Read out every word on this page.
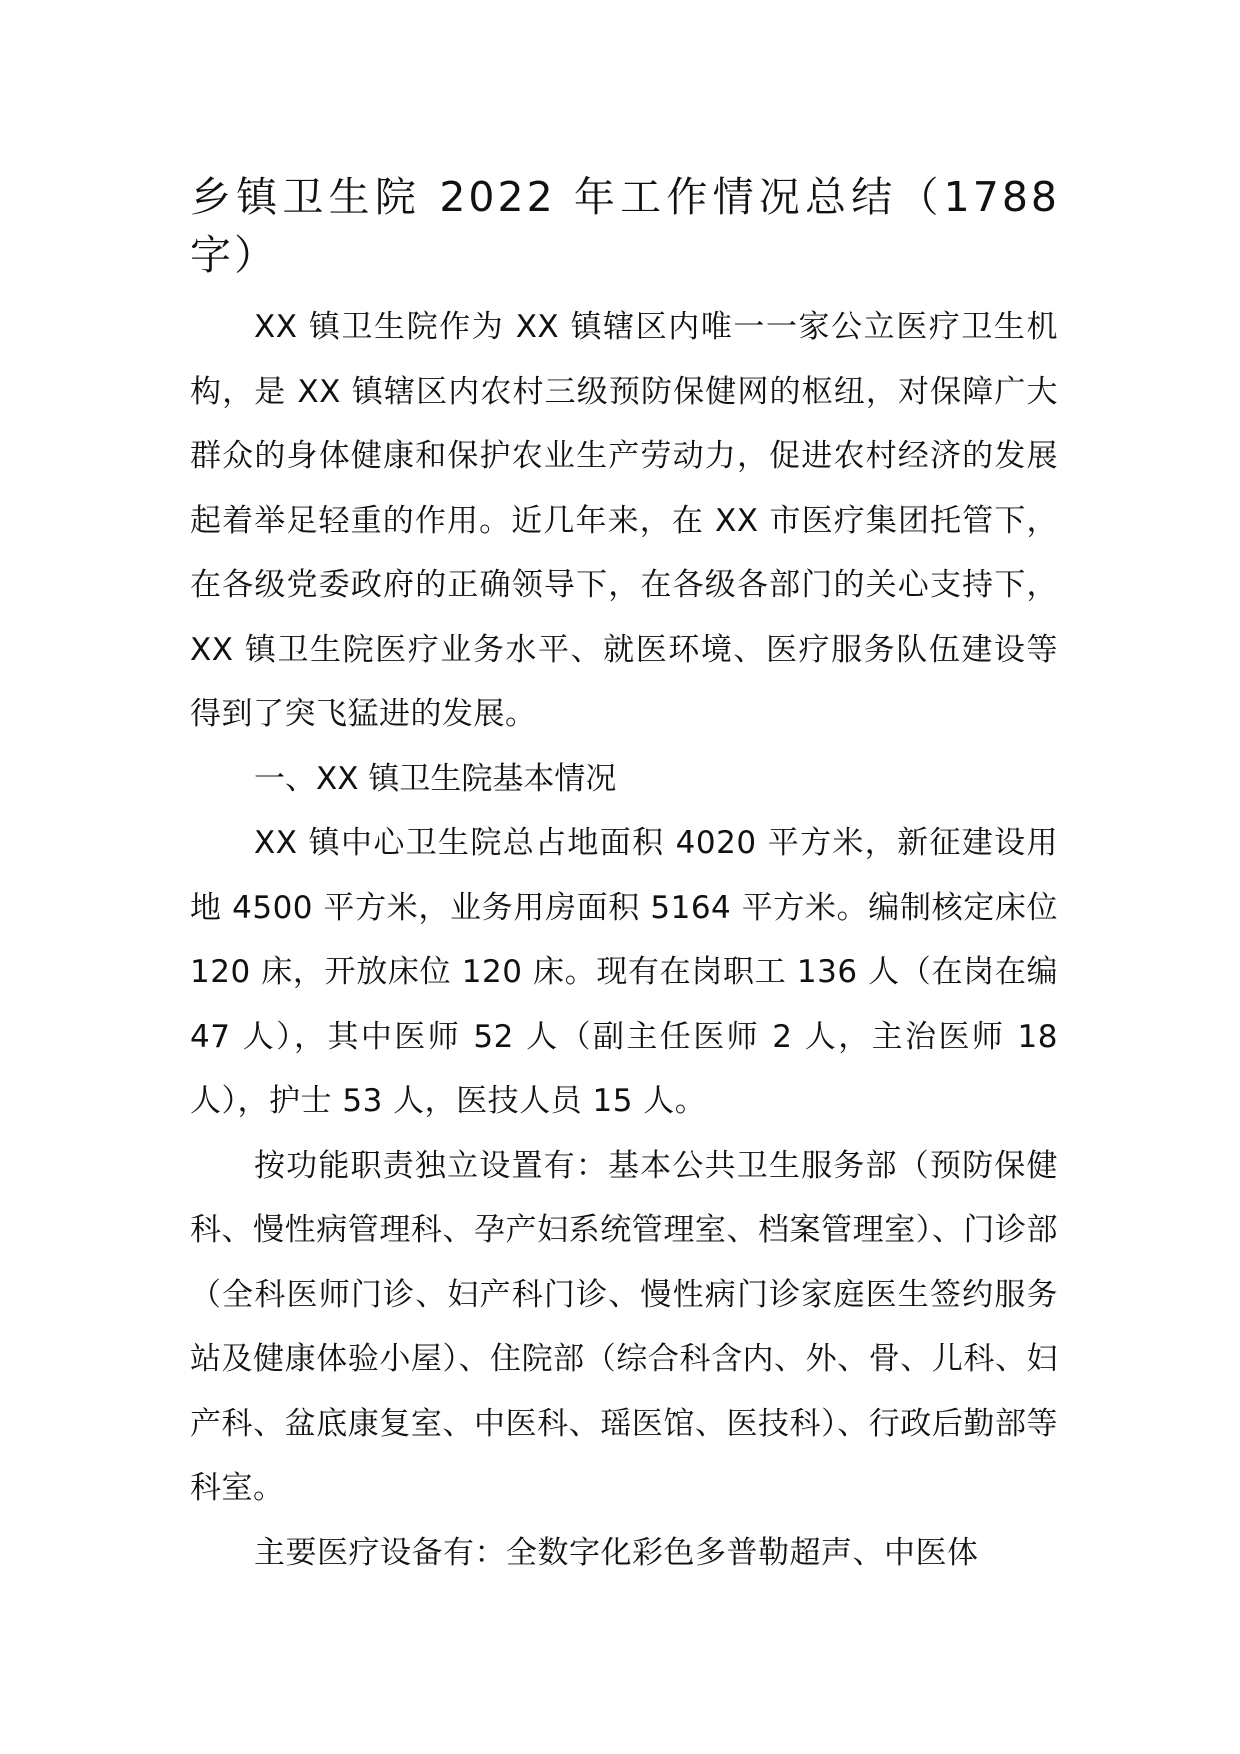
乡镇卫生院 2022 年工作情况总结（1788 字）

XX 镇卫生院作为 XX 镇辖区内唯一一家公立医疗卫生机构，是 XX 镇辖区内农村三级预防保健网的枢纽，对保障广大群众的身体健康和保护农业生产劳动力，促进农村经济的发展起着举足轻重的作用。近几年来，在 XX 市医疗集团托管下，在各级党委政府的正确领导下，在各级各部门的关心支持下，XX 镇卫生院医疗业务水平、就医环境、医疗服务队伍建设等得到了突飞猛进的发展。

一、XX 镇卫生院基本情况

XX 镇中心卫生院总占地面积 4020 平方米，新征建设用地 4500 平方米，业务用房面积 5164 平方米。编制核定床位 120 床，开放床位 120 床。现有在岗职工 136 人（在岗在编 47 人），其中医师 52 人（副主任医师 2 人，主治医师 18 人），护士 53 人，医技人员 15 人。

按功能职责独立设置有：基本公共卫生服务部（预防保健科、慢性病管理科、孕产妇系统管理室、档案管理室）、门诊部（全科医师门诊、妇产科门诊、慢性病门诊家庭医生签约服务站及健康体验小屋）、住院部（综合科含内、外、骨、儿科、妇产科、盆底康复室、中医科、瑶医馆、医技科）、行政后勤部等科室。

主要医疗设备有：全数字化彩色多普勒超声、中医体
